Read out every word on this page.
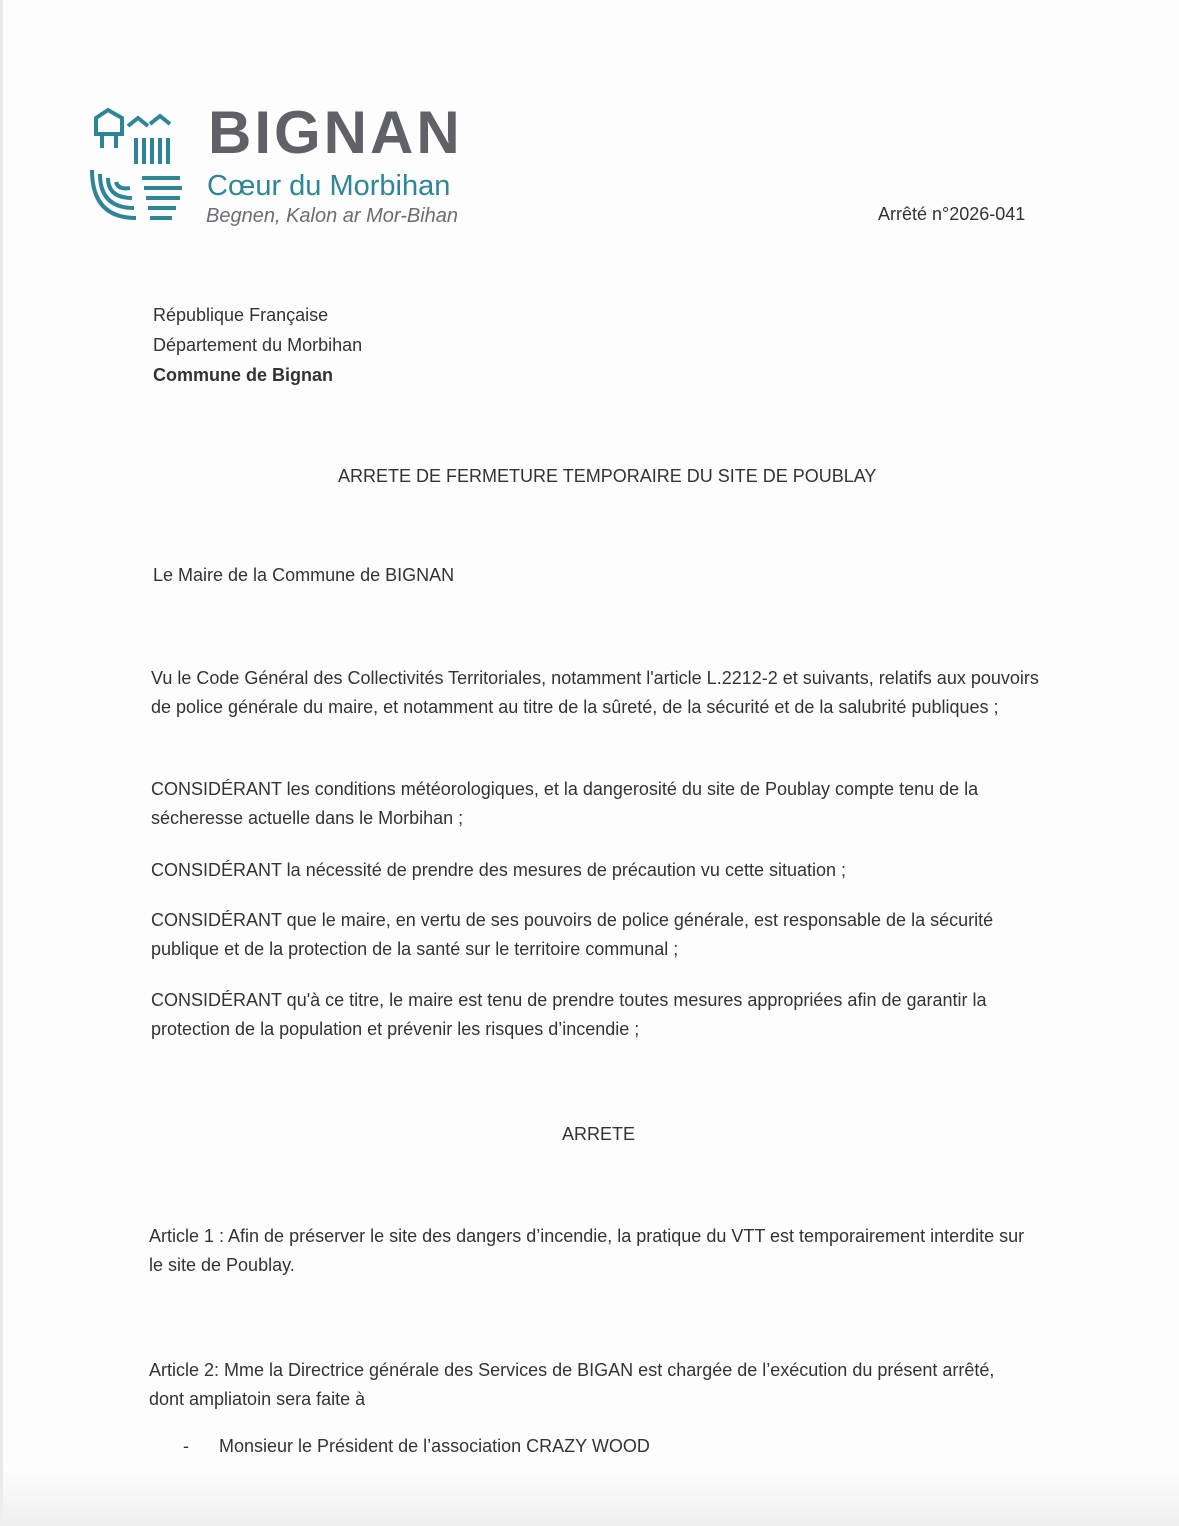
BIGNAN
Cœur du Morbihan
Begnen, Kalon ar Mor-Bihan	Arrêté n°2026-041
République Française
Département du Morbihan
Commune de Bignan
ARRETE DE FERMETURE TEMPORAIRE DU SITE DE POUBLAY
Le Maire de la Commune de BIGNAN
Vu le Code Général des Collectivités Territoriales, notamment l'article L.2212-2 et suivants, relatifs aux pouvoirs de police générale du maire, et notamment au titre de la sûreté, de la sécurité et de la salubrité publiques ;
CONSIDÉRANT les conditions météorologiques, et la dangerosité du site de Poublay compte tenu de la sécheresse actuelle dans le Morbihan ;
CONSIDÉRANT la nécessité de prendre des mesures de précaution vu cette situation ;
CONSIDÉRANT que le maire, en vertu de ses pouvoirs de police générale, est responsable de la sécurité publique et de la protection de la santé sur le territoire communal ;
CONSIDÉRANT qu'à ce titre, le maire est tenu de prendre toutes mesures appropriées afin de garantir la protection de la population et prévenir les risques d’incendie ;
ARRETE
Article 1 : Afin de préserver le site des dangers d’incendie, la pratique du VTT est temporairement interdite sur le site de Poublay.
Article 2: Mme la Directrice générale des Services de BIGAN est chargée de l’exécution du présent arrêté, dont ampliatoin sera faite à
- Monsieur le Président de l’association CRAZY WOOD
